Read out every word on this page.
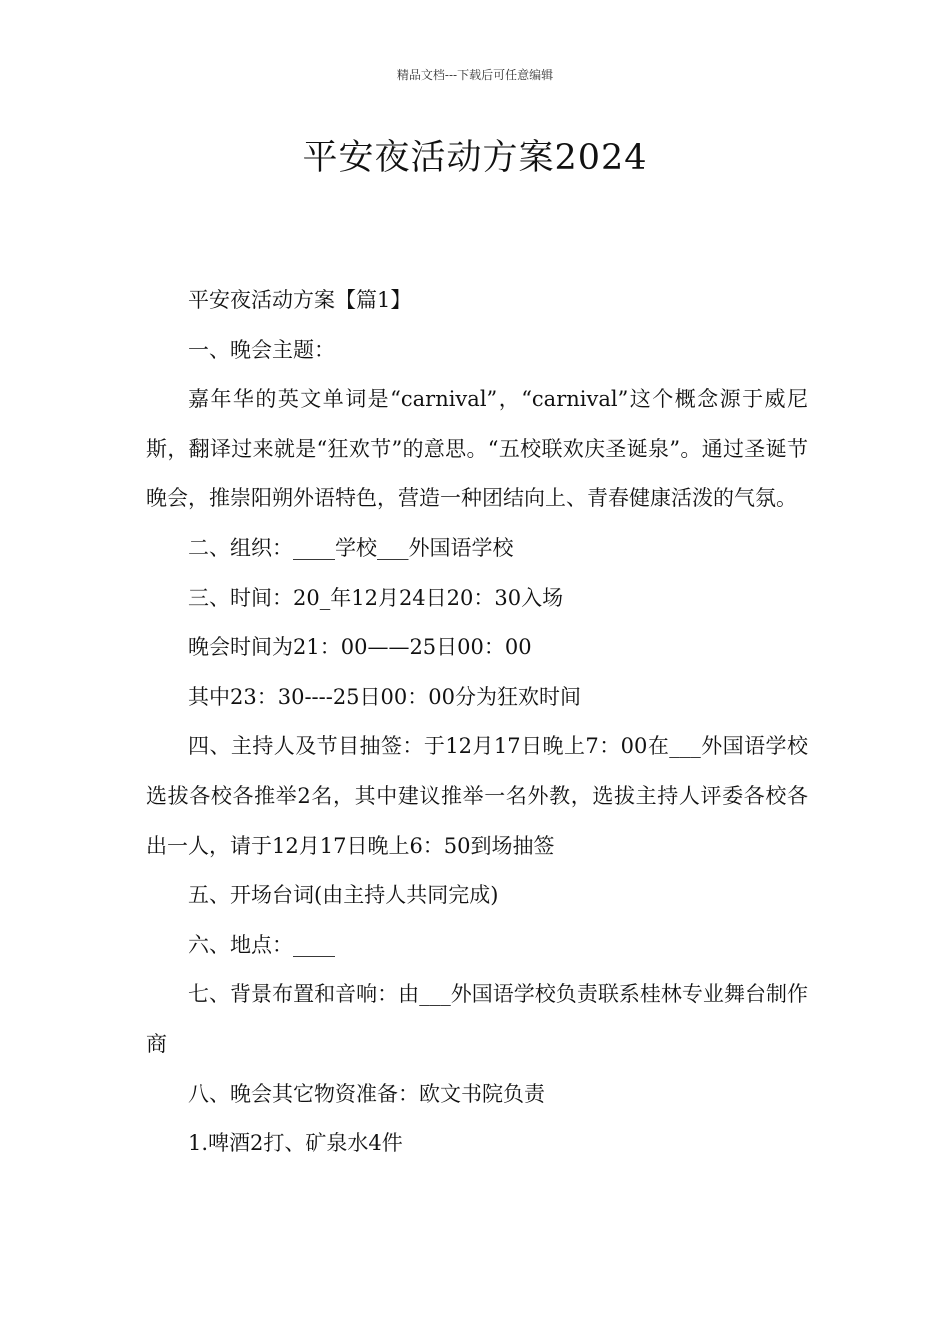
精品文档---下载后可任意编辑
平安夜活动方案2024

平安夜活动方案【篇1】

一、晚会主题：

嘉年华的英文单词是“carnival”，“carnival”这个概念源于威尼斯，翻译过来就是“狂欢节”的意思。“五校联欢庆圣诞泉”。通过圣诞节晚会，推崇阳朔外语特色，营造一种团结向上、青春健康活泼的气氛。

二、组织：____学校___外国语学校

三、时间：20_年12月24日20：30入场

晚会时间为21：00——25日00：00

其中23：30----25日00：00分为狂欢时间

四、主持人及节目抽签：于12月17日晚上7：00在___外国语学校选拔各校各推举2名，其中建议推举一名外教，选拔主持人评委各校各出一人，请于12月17日晚上6：50到场抽签

五、开场台词(由主持人共同完成)

六、地点：____

七、背景布置和音响：由___外国语学校负责联系桂林专业舞台制作商

八、晚会其它物资准备：欧文书院负责

1.啤酒2打、矿泉水4件
